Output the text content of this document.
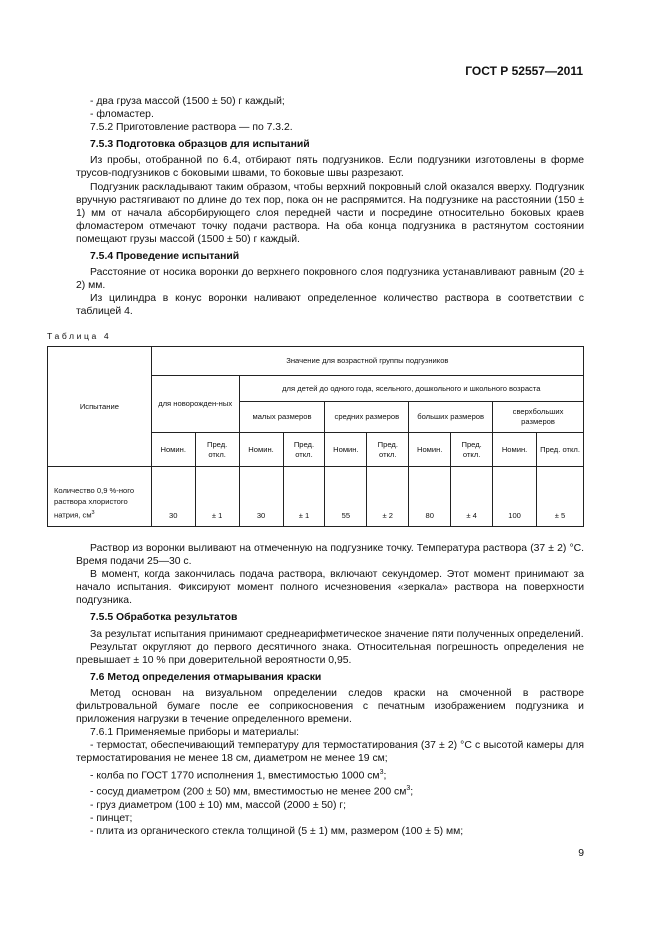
ГОСТ Р 52557—2011

- два груза массой (1500 ± 50) г каждый;

- фломастер.

7.5.2 Приготовление раствора — по 7.3.2.

7.5.3 Подготовка образцов для испытаний

Из пробы, отобранной по 6.4, отбирают пять подгузников. Если подгузники изготовлены в форме трусов-подгузников с боковыми швами, то боковые швы разрезают.

Подгузник раскладывают таким образом, чтобы верхний покровный слой оказался вверху. Подгузник вручную растягивают по длине до тех пор, пока он не распрямится. На подгузнике на расстоянии (150 ± 1) мм от начала абсорбирующего слоя передней части и посредине относительно боковых краев фломастером отмечают точку подачи раствора. На оба конца подгузника в растянутом состоянии помещают грузы массой (1500 ± 50) г каждый.

7.5.4 Проведение испытаний

Расстояние от носика воронки до верхнего покровного слоя подгузника устанавливают равным (20 ± 2) мм.

Из цилиндра в конус воронки наливают определенное количество раствора в соответствии с таблицей 4.

Таблица 4
Испытание	Значение для возрастной группы подгузников									
	для новорожден-ных		для детей до одного года, ясельного, дошкольного и школьного возраста							
			малых размеров		средних размеров		больших размеров		сверхбольших размеров	
	Номин.	Пред. откл.	Номин.	Пред. откл.	Номин.	Пред. откл.	Номин.	Пред. откл.	Номин.	Пред. откл.
Количество 0,9 %-ного раствора хлористого натрия, $см^3$	30	± 1	30	± 1	55	± 2	80	± 4	100	± 5

Раствор из воронки выливают на отмеченную на подгузнике точку. Температура раствора (37 ± 2) °С. Время подачи 25—30 с.

В момент, когда закончилась подача раствора, включают секундомер. Этот момент принимают за начало испытания. Фиксируют момент полного исчезновения «зеркала» раствора на поверхности подгузника.

7.5.5 Обработка результатов

За результат испытания принимают среднеарифметическое значение пяти полученных определений.

Результат округляют до первого десятичного знака. Относительная погрешность определения не превышает ± 10 % при доверительной вероятности 0,95.

7.6 Метод определения отмарывания краски

Метод основан на визуальном определении следов краски на смоченной в растворе фильтровальной бумаге после ее соприкосновения с печатным изображением подгузника и приложения нагрузки в течение определенного времени.

7.6.1 Применяемые приборы и материалы:

- термостат, обеспечивающий температуру для термостатирования (37 ± 2) °С с высотой камеры для термостатирования не менее 18 см, диаметром не менее 19 см;

- колба по ГОСТ 1770 исполнения 1, вместимостью 1000 $см^3$;

- сосуд диаметром (200 ± 50) мм, вместимостью не менее 200 $см^3$;

- груз диаметром (100 ± 10) мм, массой (2000 ± 50) г;

- пинцет;

- плита из органического стекла толщиной (5 ± 1) мм, размером (100 ± 5) мм;

9
